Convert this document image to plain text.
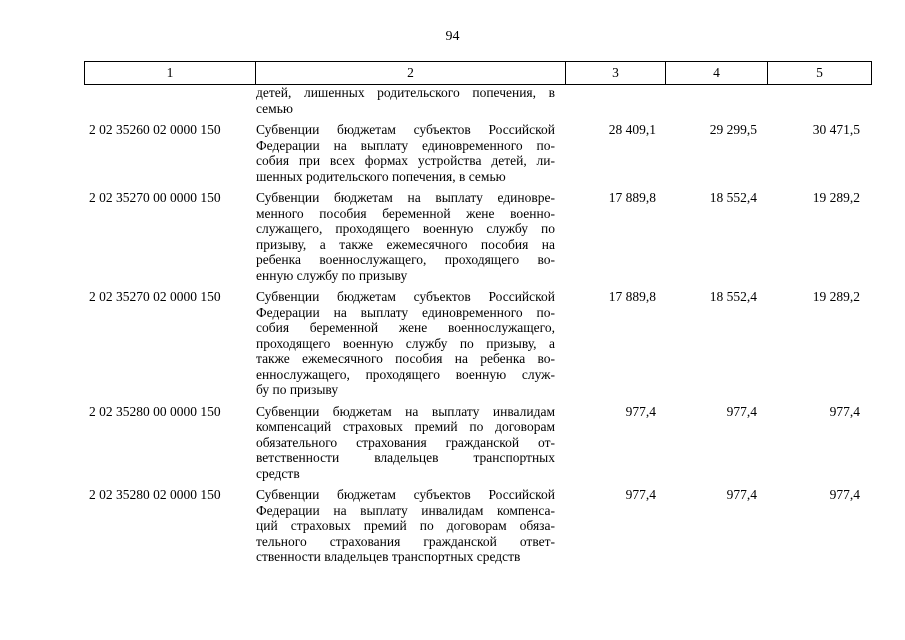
94
1	2	3	4	5
детей, лишенных родительского попечения, в
семью
2 02 35260 02 0000 150	Субвенции бюджетам субъектов Российской
Федерации на выплату единовременного по-
собия при всех формах устройства детей, ли-
шенных родительского попечения, в семью
28 409,1	29 299,5	30 471,5
2 02 35270 00 0000 150	Субвенции бюджетам на выплату единовре-
менного пособия беременной жене военно-
служащего, проходящего военную службу по
призыву, а также ежемесячного пособия на
ребенка военнослужащего, проходящего во-
енную службу по призыву
17 889,8	18 552,4	19 289,2
2 02 35270 02 0000 150	Субвенции бюджетам субъектов Российской
Федерации на выплату единовременного по-
собия беременной жене военнослужащего,
проходящего военную службу по призыву, а
также ежемесячного пособия на ребенка во-
еннослужащего, проходящего военную служ-
бу по призыву
17 889,8	18 552,4	19 289,2
2 02 35280 00 0000 150	Субвенции бюджетам на выплату инвалидам
компенсаций страховых премий по договорам
обязательного страхования гражданской от-
ветственности владельцев транспортных
средств
977,4	977,4	977,4
2 02 35280 02 0000 150	Субвенции бюджетам субъектов Российской
Федерации на выплату инвалидам компенса-
ций страховых премий по договорам обяза-
тельного страхования гражданской ответ-
ственности владельцев транспортных средств
977,4	977,4	977,4
